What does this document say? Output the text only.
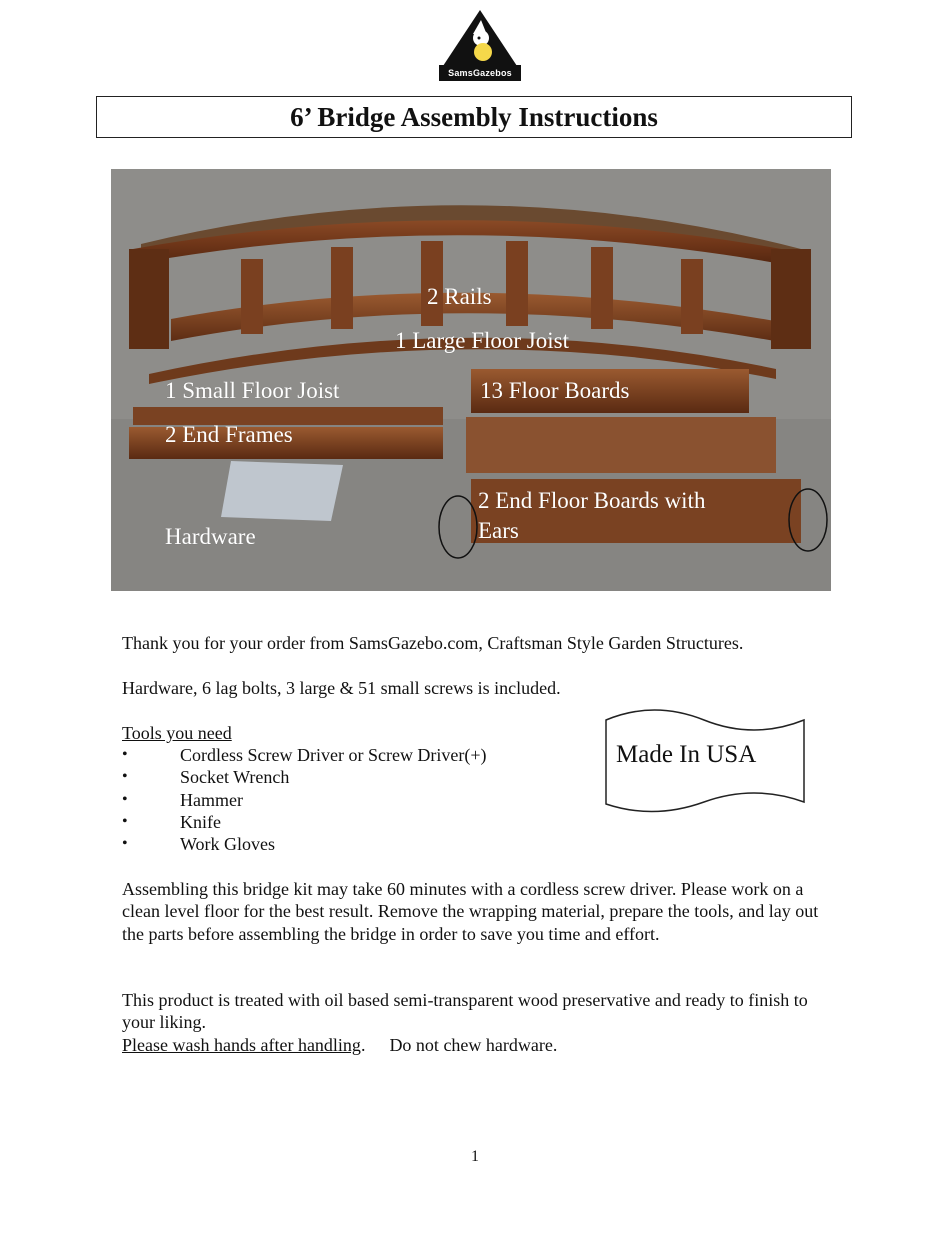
SamsGazebos
6’ Bridge Assembly Instructions
2 Rails
1 Large Floor Joist
1 Small Floor Joist	13 Floor Boards
2 End Frames
2 End Floor Boards with
Ears
Hardware
Thank you for your order from SamsGazebo.com, Craftsman Style Garden Structures.
Hardware, 6 lag bolts, 3 large & 51 small screws is included.
Tools you need
• Cordless Screw Driver or Screw Driver(+)
• Socket Wrench
• Hammer
• Knife
• Work Gloves
Made In USA
Assembling this bridge kit may take 60 minutes with a cordless screw driver. Please work on a clean level floor for the best result. Remove the wrapping material, prepare the tools, and lay out the parts before assembling the bridge in order to save you time and effort.
This product is treated with oil based semi-transparent wood preservative and ready to finish to your liking.
Please wash hands after handling. Do not chew hardware.
1
